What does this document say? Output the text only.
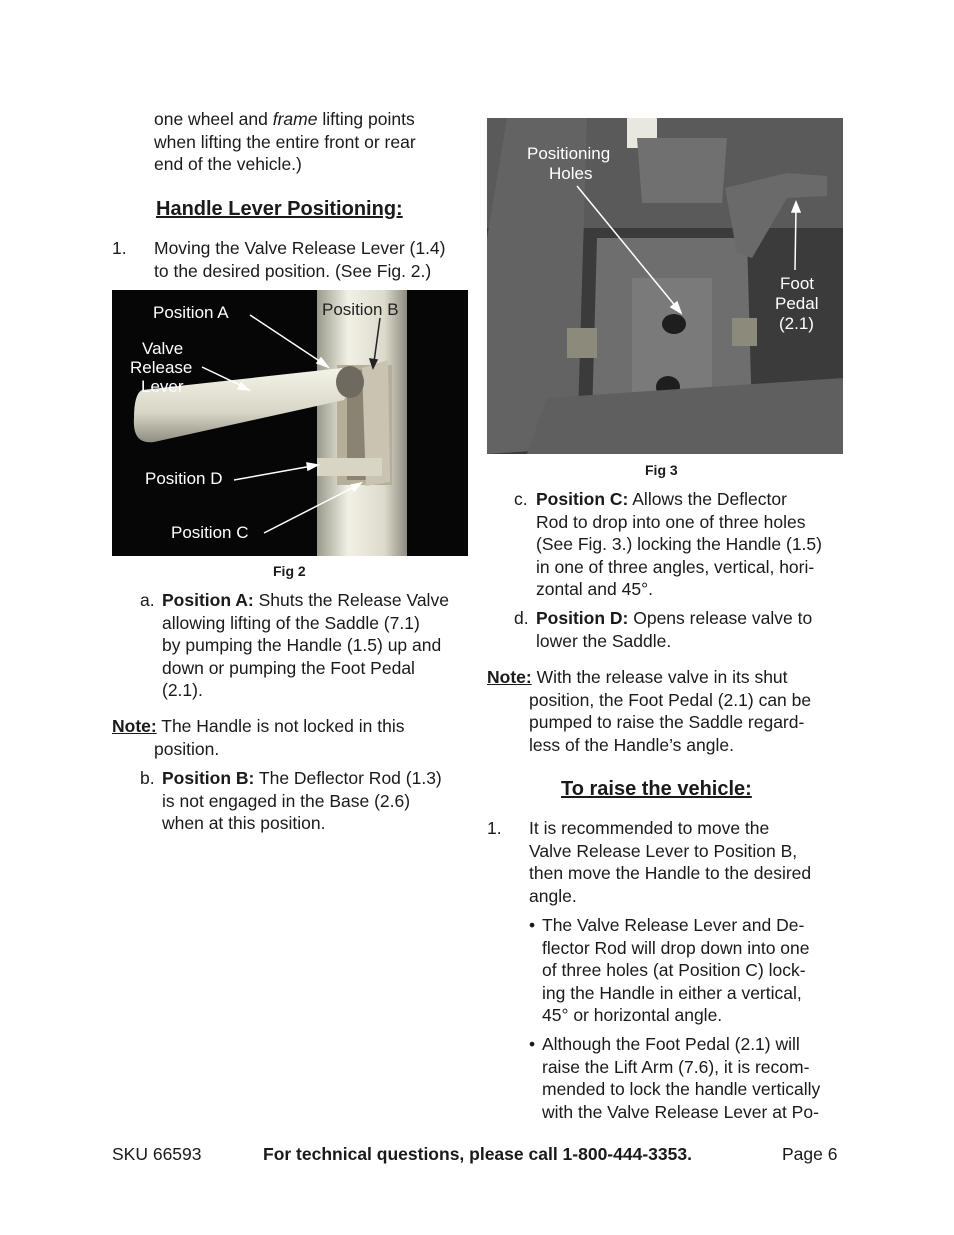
one wheel and frame lifting points
when lifting the entire front or rear
end of the vehicle.)
Handle Lever Positioning:
1. Moving the Valve Release Lever (1.4)
to the desired position. (See Fig. 2.)
Position A	Position B
Valve
Release
Lever
Position D
Position C
Fig 2
a. Position A: Shuts the Release Valve
allowing lifting of the Saddle (7.1)
by pumping the Handle (1.5) up and
down or pumping the Foot Pedal
(2.1).
Note: The Handle is not locked in this
position.
b. Position B: The Deflector Rod (1.3)
is not engaged in the Base (2.6)
when at this position.
Positioning
Holes
Foot
Pedal
(2.1)
Fig 3
c. Position C: Allows the Deflector
Rod to drop into one of three holes
(See Fig. 3.) locking the Handle (1.5)
in one of three angles, vertical, hori-
zontal and 45°.
d. Position D: Opens release valve to
lower the Saddle.
Note: With the release valve in its shut
position, the Foot Pedal (2.1) can be
pumped to raise the Saddle regard-
less of the Handle’s angle.
To raise the vehicle:
1. It is recommended to move the
Valve Release Lever to Position B,
then move the Handle to the desired
angle.
• The Valve Release Lever and De-
flector Rod will drop down into one
of three holes (at Position C) lock-
ing the Handle in either a vertical,
45° or horizontal angle.
• Although the Foot Pedal (2.1) will
raise the Lift Arm (7.6), it is recom-
mended to lock the handle vertically
with the Valve Release Lever at Po-
SKU 66593	For technical questions, please call 1-800-444-3353.	Page 6
